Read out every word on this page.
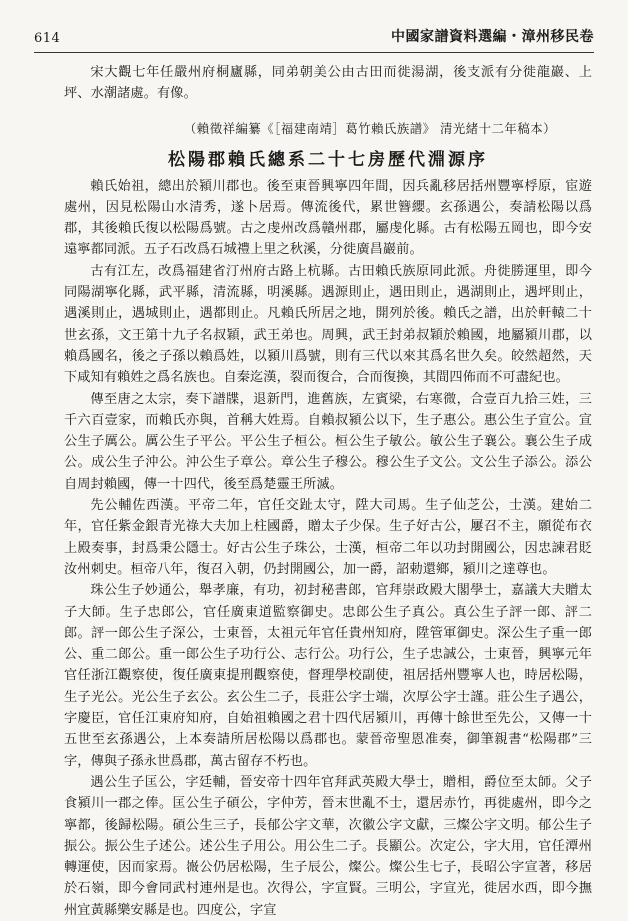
614	中國家譜資料選編・漳州移民卷

宋大觀七年任嚴州府桐廬縣，同弟朝美公由古田而徙湯湖，後支派有分徙龍巖、上坪、水潮諸處。有像。

（賴徵祥編纂《［福建南靖］葛竹賴氏族譜》 清光緒十二年稿本）

松陽郡賴氏總系二十七房歷代淵源序

賴氏始祖，總出於潁川郡也。後至東晉興寧四年間，因兵亂移居括州豐寧桴原，宦遊處州，因見松陽山水清秀，遂卜居焉。傳流後代，累世簪纓。玄孫遇公，奏請松陽以爲郡，其後賴氏復以松陽爲號。古之虔州改爲贛州郡，屬虔化縣。古有松陽五岡也，即今安遠寧都同派。五子石改爲石城禮上里之秋溪，分徙廣昌巖前。

古有江左，改爲福建省汀州府古路上杭縣。古田賴氏族原同此派。舟徙勝運里，即今同陽湖寧化縣，武平縣，清流縣，明溪縣。遇源則止，遇田則止，遇湖則止，遇坪則止，遇溪則止，遇城則止，遇都則止。凡賴氏所居之地，開列於後。賴氏之譜，出於軒轅二十世玄孫，文王第十九子名叔穎，武王弟也。周興，武王封弟叔穎於賴國，地屬潁川郡，以賴爲國名，後之子孫以賴爲姓，以潁川爲號，則有三代以來其爲名世久矣。皎然超然，天下咸知有賴姓之爲名族也。自秦迄漢，裂而復合，合而復換，其間四佈而不可盡紀也。

傳至唐之太宗，奏下譜牒，退新門，進舊族，左賓梁，右寒微，合壹百九拾三姓，三千六百壹家，而賴氏亦與，首稱大姓焉。自賴叔潁公以下，生子惠公。惠公生子宣公。宣公生子厲公。厲公生子平公。平公生子桓公。桓公生子敏公。敏公生子襄公。襄公生子成公。成公生子沖公。沖公生子章公。章公生子穆公。穆公生子文公。文公生子添公。添公自周封賴國，傳一十四代，後至爲楚靈王所滅。

先公輔佐西漢。平帝二年，官任交趾太守，陞大司馬。生子仙芝公，士漢。建始二年，官任紫金銀青光祿大夫加上柱國爵，贈太子少保。生子好古公，屢召不主，願從布衣上殿奏事，封爲秉公隱士。好古公生子珠公，士漢，桓帝二年以功封開國公，因忠諫君貶汝州刺史。桓帝八年，復召入朝，仍封開國公，加一爵，詔勅還鄉，潁川之達尊也。

珠公生子妙通公，舉孝廉，有功，初封秘書郎，官拜崇政殿大閣學士，嘉議大夫贈太子大師。生子忠郎公，官任廣東道監察御史。忠郎公生子真公。真公生子評一郎、評二郎。評一郎公生子深公，士東晉，太祖元年官任貴州知府，陞管軍御史。深公生子重一郎公、重二郎公。重一郎公生子功行公、志行公。功行公，生子忠誠公，士東晉，興寧元年官任浙江觀察使，復任廣東提刑觀察使，督理學校副使，祖居括州豐寧人也，時居松陽，生子光公。光公生子玄公。玄公生二子，長莊公字士端，次厚公字士謹。莊公生子遇公，字慶臣，官任江東府知府，自始祖賴國之君十四代居潁川，再傳十餘世至先公，又傳一十五世至玄孫遇公，上本奏請所居松陽以爲郡也。蒙晉帝聖恩准奏，御筆親書“松陽郡”三字，傳與子孫永世爲郡，萬古留存不朽也。

遇公生子匡公，字廷輔，晉安帝十四年官拜武英殿大學士，贈相，爵位至太師。父子食潁川一郡之俸。匡公生子碩公，字仲芳，晉末世亂不士，還居赤竹，再徙處州，即今之寧都，後歸松陽。碩公生三子，長郁公字文華，次徽公字文獻，三燦公字文明。郁公生子振公。振公生子述公。述公生子用公。用公生二子。長顯公。次定公，字大用，官任潭州轉運使，因而家焉。嶶公仍居松陽，生子辰公，燦公。燦公生七子，長昭公字宣著，移居於石嶺，即今會同武村連州是也。次得公，字宣賢。三明公，字宣光，徙居水西，即今撫州宜黃縣樂安縣是也。四度公，字宣
